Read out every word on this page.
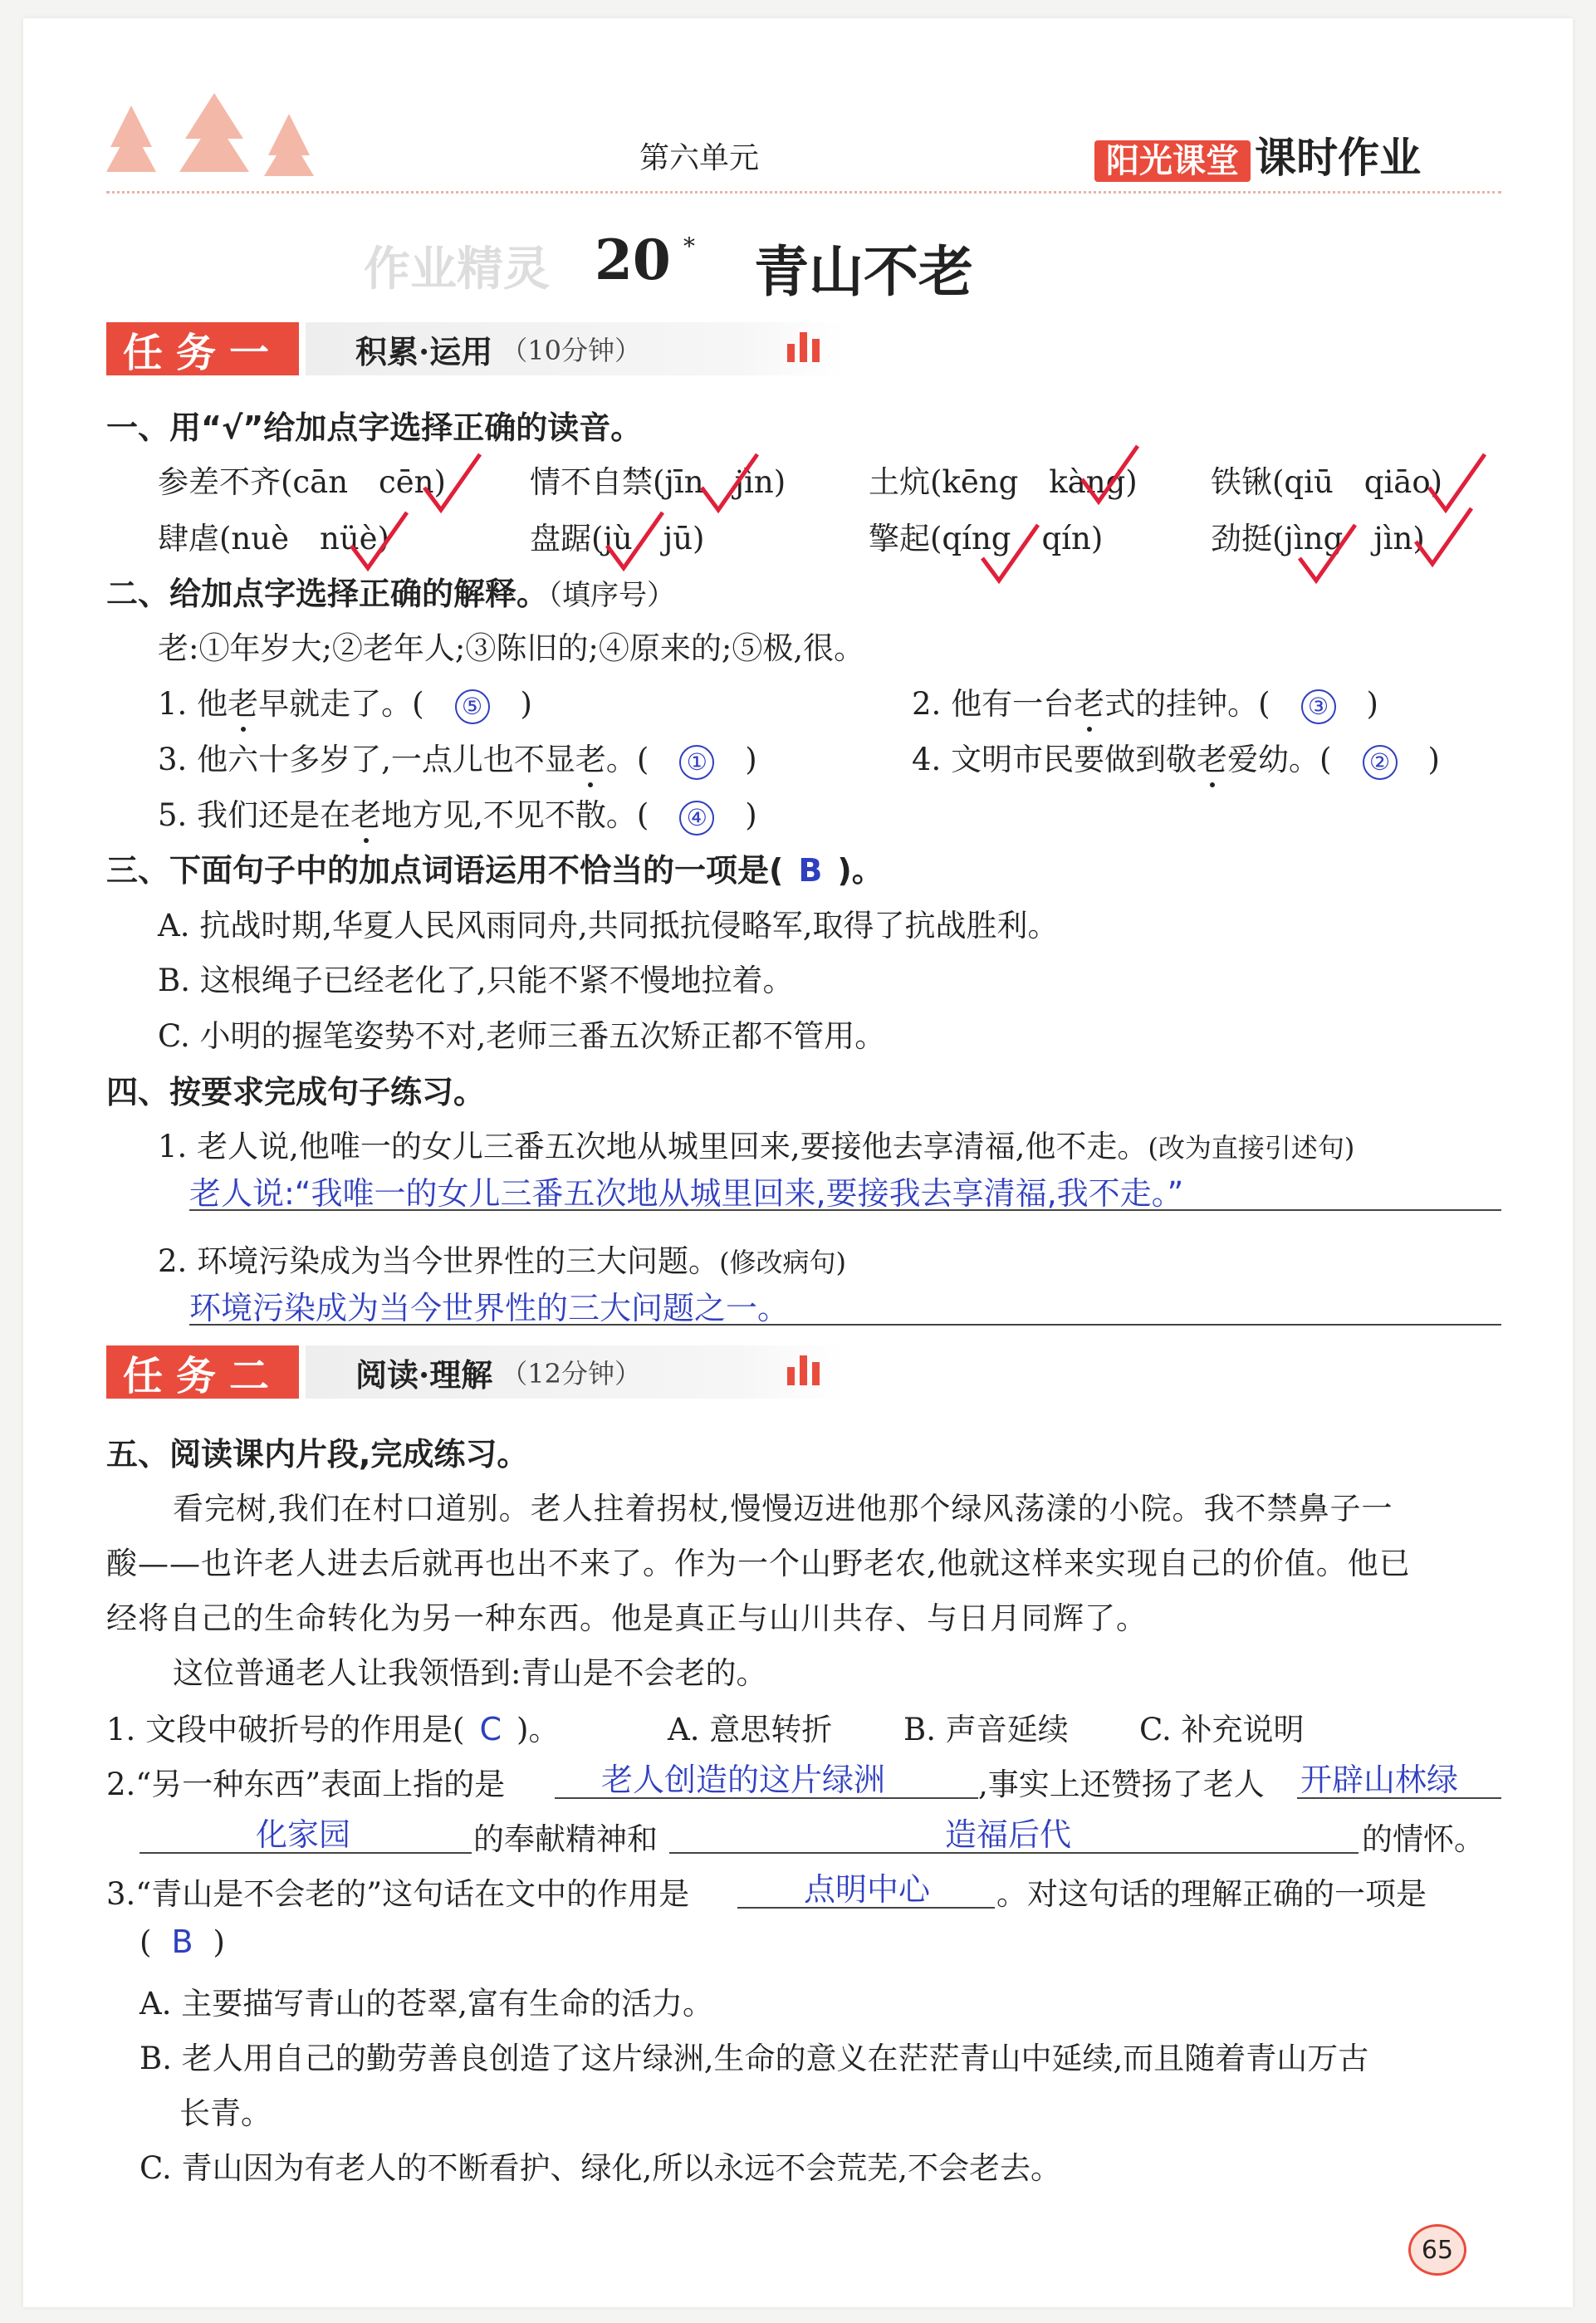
第六单元	阳光课堂 课时作业
作业精灵 20 * 青山不老
任务一	积累·运用 （10分钟）
一、用“√”给加点字选择正确的读音。
参差不齐(cān　cēn)	情不自禁(jīn　jìn)	土炕(kēng　kàng) 铁锹(qiū　qiāo)
肆虐(nuè　nüè)	盘踞(jù　jū)	擎起(qíng　qín)	劲挺(jìng　jìn)
二、给加点字选择正确的解释。（填序号）
老:①年岁大;②老年人;③陈旧的;④原来的;⑤极,很。
1. 他老早就走了。(　⑤　)	2. 他有一台老式的挂钟。(　③　)
3. 他六十多岁了,一点儿也不显老。(　①　)	4. 文明市民要做到敬老爱幼。(　②　)
5. 我们还是在老地方见,不见不散。(　④　)
三、下面句子中的加点词语运用不恰当的一项是( B )。
A. 抗战时期,华夏人民风雨同舟,共同抵抗侵略军,取得了抗战胜利。
B. 这根绳子已经老化了,只能不紧不慢地拉着。
C. 小明的握笔姿势不对,老师三番五次矫正都不管用。
四、按要求完成句子练习。
1. 老人说,他唯一的女儿三番五次地从城里回来,要接他去享清福,他不走。(改为直接引述句)
老人说:“我唯一的女儿三番五次地从城里回来,要接我去享清福,我不走。”
2. 环境污染成为当今世界性的三大问题。(修改病句)
环境污染成为当今世界性的三大问题之一。
任务二	阅读·理解 （12分钟）
五、阅读课内片段,完成练习。
看完树,我们在村口道别。老人拄着拐杖,慢慢迈进他那个绿风荡漾的小院。我不禁鼻子一
酸——也许老人进去后就再也出不来了。作为一个山野老农,他就这样来实现自己的价值。他已
经将自己的生命转化为另一种东西。他是真正与山川共存、与日月同辉了。
这位普通老人让我领悟到:青山是不会老的。
1. 文段中破折号的作用是( C )。	A. 意思转折 B. 声音延续 C. 补充说明
2.“另一种东西”表面上指的是	老人创造的这片绿洲	,事实上还赞扬了老人 开辟山林绿
化家园	的奉献精神和	造福后代	的情怀。
3.“青山是不会老的”这句话在文中的作用是	点明中心 。对这句话的理解正确的一项是
( B )
A. 主要描写青山的苍翠,富有生命的活力。
B. 老人用自己的勤劳善良创造了这片绿洲,生命的意义在茫茫青山中延续,而且随着青山万古
长青。
C. 青山因为有老人的不断看护、绿化,所以永远不会荒芜,不会老去。
65
